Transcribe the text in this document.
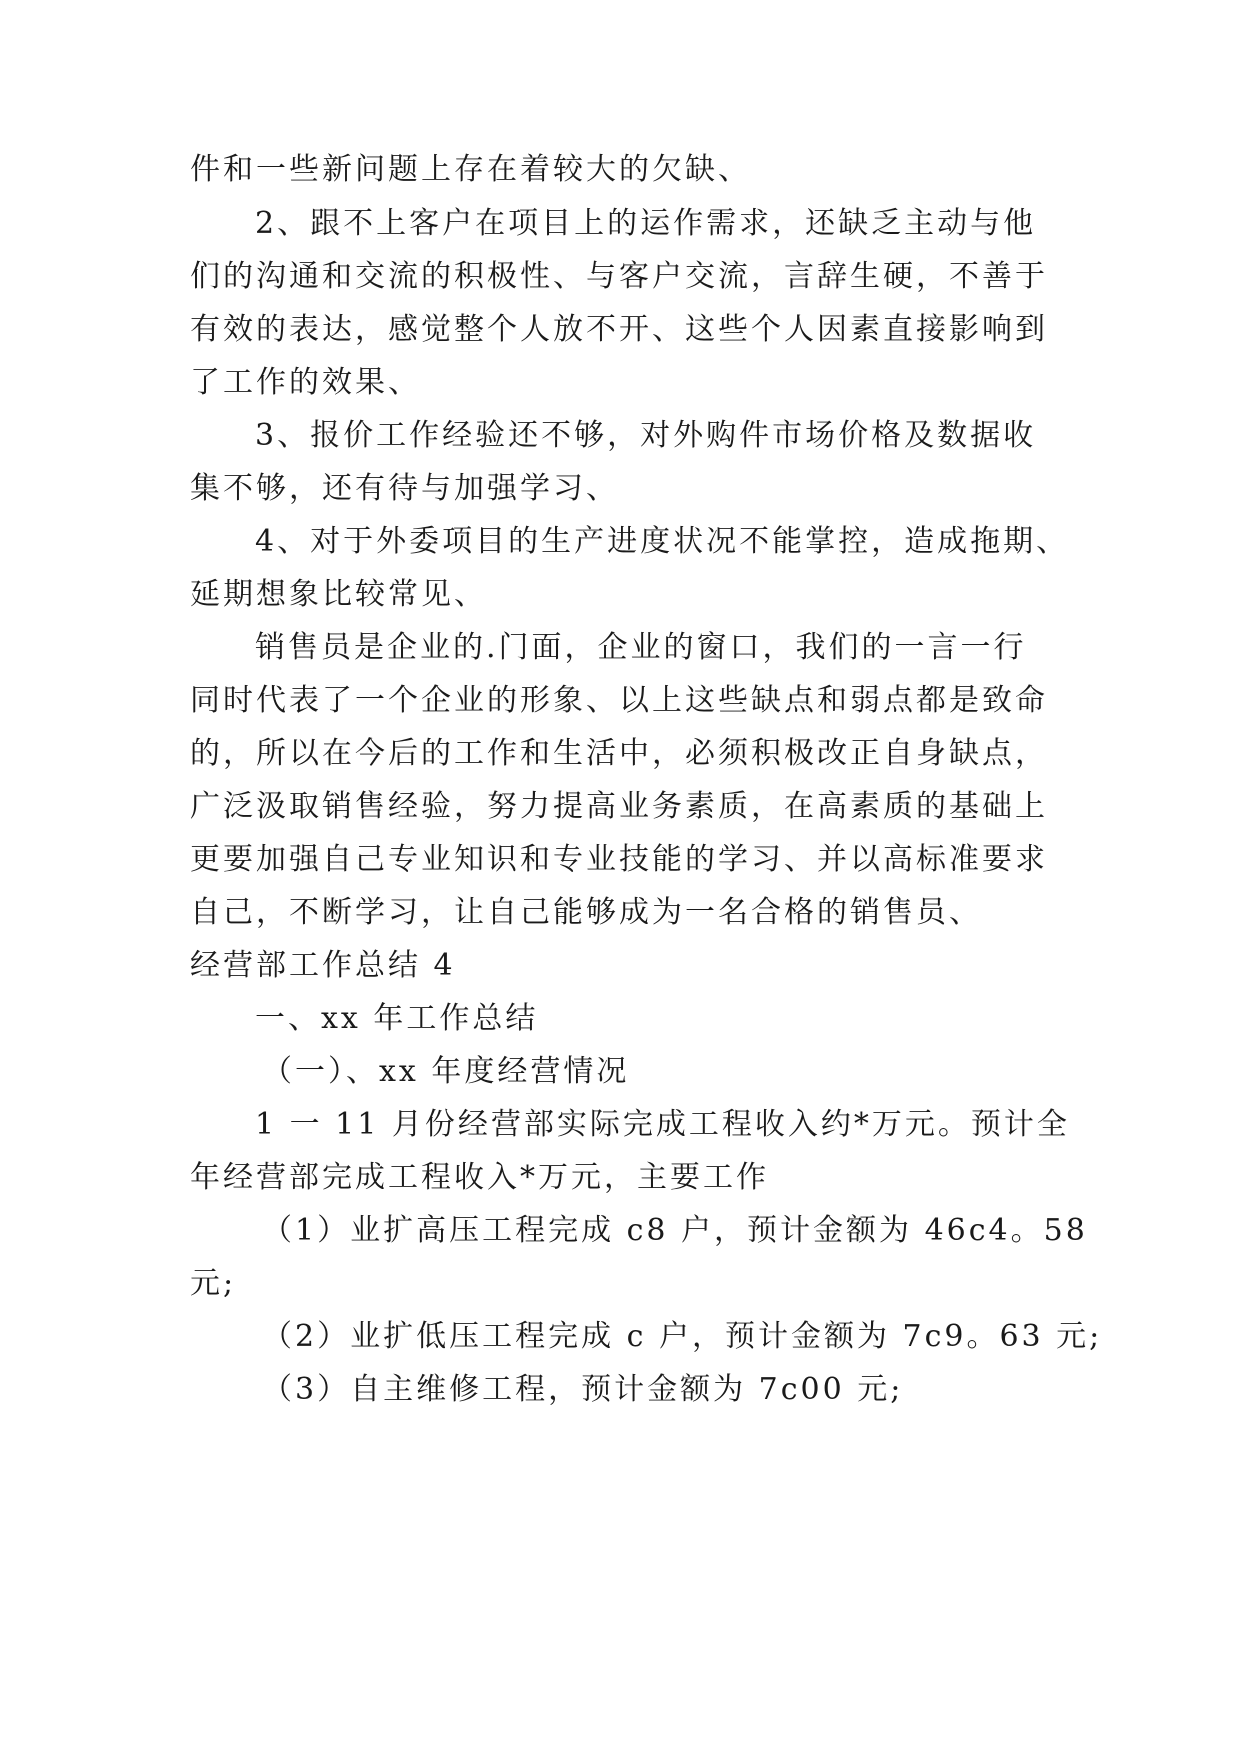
件和一些新问题上存在着较大的欠缺、
2、跟不上客户在项目上的运作需求，还缺乏主动与他
们的沟通和交流的积极性、与客户交流，言辞生硬，不善于
有效的表达，感觉整个人放不开、这些个人因素直接影响到
了工作的效果、
3、报价工作经验还不够，对外购件市场价格及数据收
集不够，还有待与加强学习、
4、对于外委项目的生产进度状况不能掌控，造成拖期、
延期想象比较常见、
销售员是企业的.门面，企业的窗口，我们的一言一行
同时代表了一个企业的形象、以上这些缺点和弱点都是致命
的，所以在今后的工作和生活中，必须积极改正自身缺点，
广泛汲取销售经验，努力提高业务素质，在高素质的基础上
更要加强自己专业知识和专业技能的学习、并以高标准要求
自己，不断学习，让自己能够成为一名合格的销售员、
经营部工作总结 4
一、xx 年工作总结
（一）、xx 年度经营情况
1 一 11 月份经营部实际完成工程收入约*万元。预计全
年经营部完成工程收入*万元，主要工作
（1）业扩高压工程完成 c8 户，预计金额为 46c4。58
元;
（2）业扩低压工程完成 c 户，预计金额为 7c9。63 元;
（3）自主维修工程，预计金额为 7c00 元;
